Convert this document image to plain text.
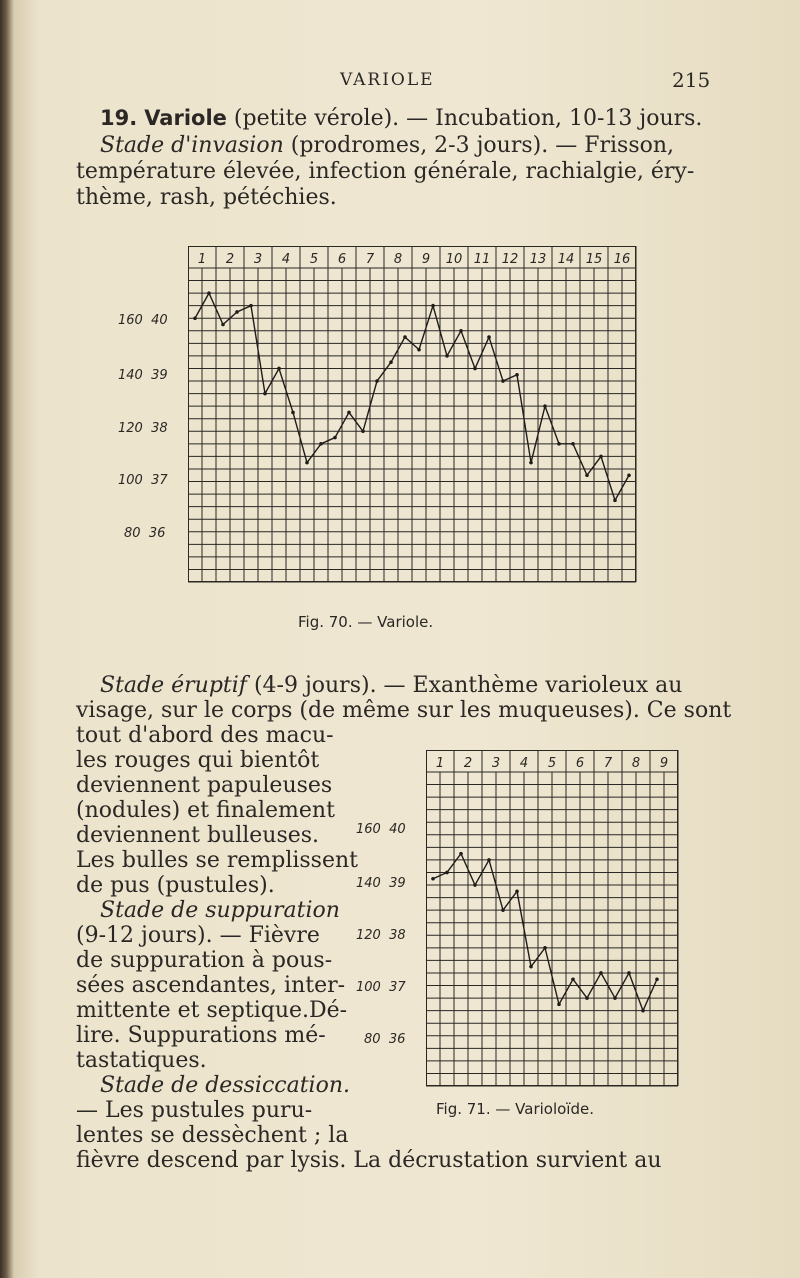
VARIOLE	215
19. Variole (petite vérole). — Incubation, 10-13 jours.
Stade d'invasion (prodromes, 2-3 jours). — Frisson,
température élevée, infection générale, rachialgie, éry-
thème, rash, pétéchies.
160 40
140 39
120 38
100 37
80 36
1 2 3 4 5 6 7 8 9 10 11 12 13 14 15 16
Fig. 70. — Variole.
Stade éruptif (4-9 jours). — Exanthème varioleux au
visage, sur le corps (de même sur les muqueuses). Ce sont
tout d'abord des macu-
les rouges qui bientôt
deviennent papuleuses
(nodules) et finalement
deviennent bulleuses.
Les bulles se remplissent
de pus (pustules).
Stade de suppuration
(9-12 jours). — Fièvre
de suppuration à pous-
sées ascendantes, inter-
mittente et septique.Dé-
lire. Suppurations mé-
tastatiques.
Stade de dessiccation.
— Les pustules puru-
lentes se dessèchent ; la
fièvre descend par lysis. La décrustation survient au
160 40
140 39
120 38
100 37
80 36
1 2 3 4 5 6 7 8 9
Fig. 71. — Varioloïde.
